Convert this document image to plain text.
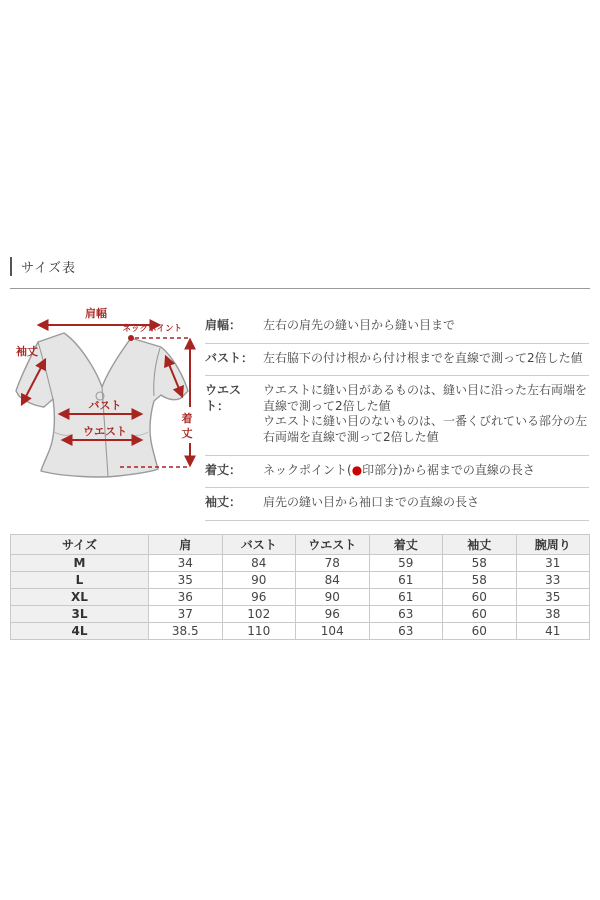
サイズ表
肩幅
ネックポイント
袖丈
バスト
ウエスト
着
丈
肩幅：	左右の肩先の縫い目から縫い目まで

バスト： 左右脇下の付け根から付け根までを直線で測って2倍した値

ウエスト：

ウエストに縫い目があるものは、縫い目に沿った左右両端を直線で測って2倍した値

ウエストに縫い目のないものは、一番くびれている部分の左右両端を直線で測って2倍した値

着丈：	ネックポイント(●印部分)から裾までの直線の長さ

袖丈：	肩先の縫い目から袖口までの直線の長さ

サイズ	肩	バスト	ウエスト	着丈	袖丈	腕周り
M	34	84	78	59	58	31
L	35	90	84	61	58	33
XL	36	96	90	61	60	35
3L	37	102	96	63	60	38
4L	38.5	110	104	63	60	41
